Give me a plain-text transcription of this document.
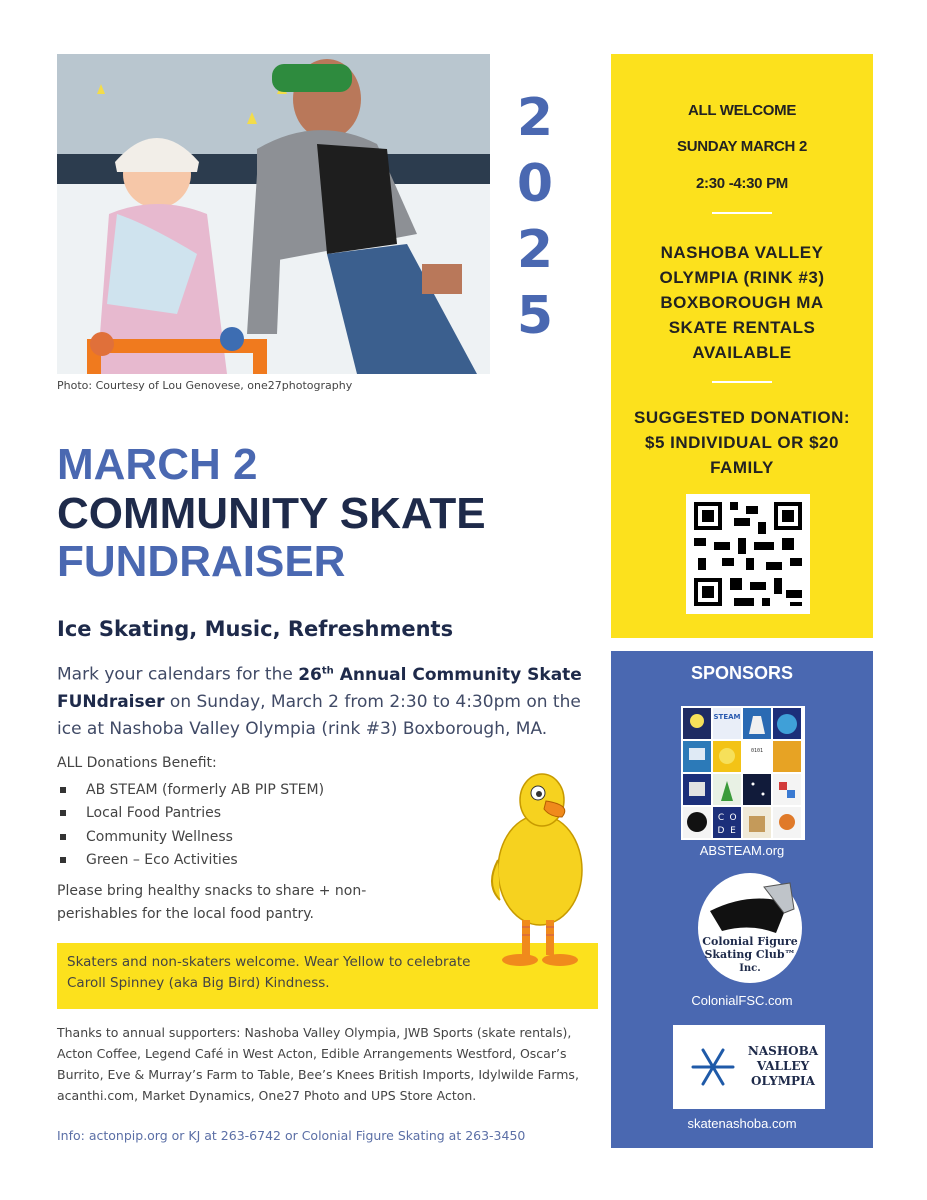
Photo: Courtesy of Lou Genovese, one27photography
2
0
2
5
MARCH 2
COMMUNITY SKATE
FUNDRAISER
Ice Skating, Music, Refreshments
Mark your calendars for the 26th Annual Community Skate FUNdraiser on Sunday, March 2 from 2:30 to 4:30pm on the ice at Nashoba Valley Olympia (rink #3) Boxborough, MA.
ALL Donations Benefit:
AB STEAM (formerly AB PIP STEM)
Local Food Pantries
Community Wellness
Green – Eco Activities
Please bring healthy snacks to share + non-perishables for the local food pantry.
Skaters and non-skaters welcome. Wear Yellow to celebrate Caroll Spinney (aka Big Bird) Kindness.
Thanks to annual supporters: Nashoba Valley Olympia, JWB Sports (skate rentals), Acton Coffee, Legend Café in West Acton, Edible Arrangements Westford, Oscar’s Burrito, Eve & Murray’s Farm to Table, Bee’s Knees British Imports, Idylwilde Farms, acanthi.com, Market Dynamics, One27 Photo and UPS Store Acton.
Info: actonpip.org or KJ at 263-6742 or Colonial Figure Skating at 263-3450
ALL WELCOME
SUNDAY MARCH 2
2:30 -4:30 PM
NASHOBA VALLEY
OLYMPIA (RINK #3)
BOXBOROUGH MA
SKATE RENTALS
AVAILABLE
SUGGESTED DONATION:
$5 INDIVIDUAL OR $20
FAMILY
SPONSORS
STEAM
0101
C O
D E
ABSTEAM.org
Colonial Figure
Skating Club™
Inc.
ColonialFSC.com
NASHOBA
VALLEY
OLYMPIA
skatenashoba.com
